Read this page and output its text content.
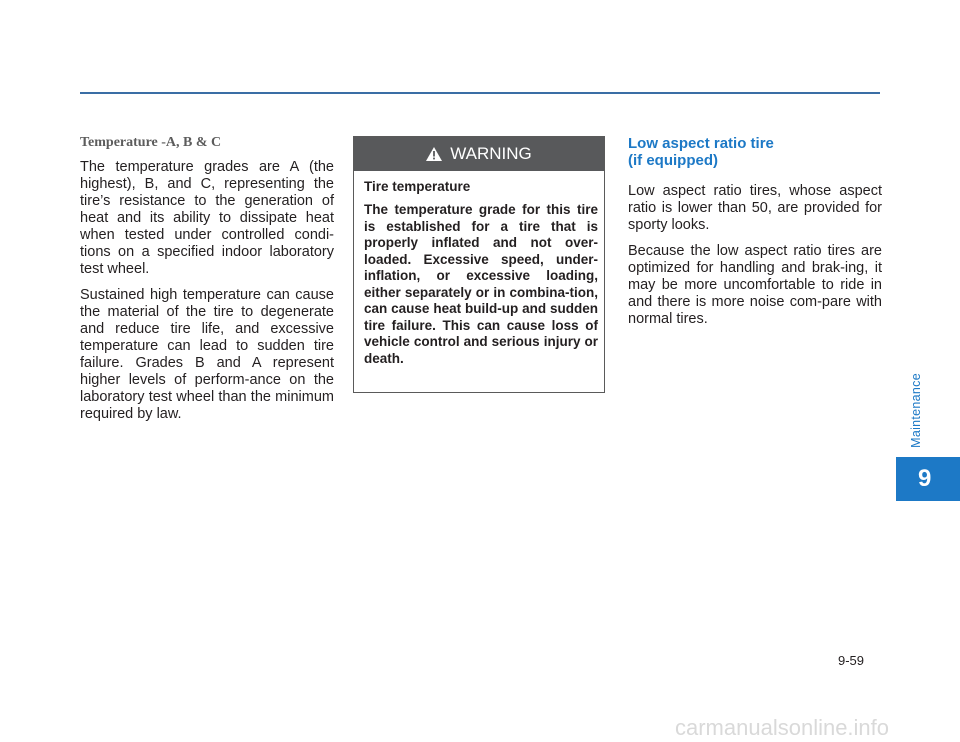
Temperature -A, B & C

The temperature grades are A (the highest), B, and C, representing the tire’s resistance to the generation of heat and its ability to dissipate heat when tested under controlled condi-tions on a specified indoor laboratory test wheel.

Sustained high temperature can cause the material of the tire to degenerate and reduce tire life, and excessive temperature can lead to sudden tire failure. Grades B and A represent higher levels of perform-ance on the laboratory test wheel than the minimum required by law.

WARNING

Tire temperature

The temperature grade for this tire is established for a tire that is properly inflated and not over-loaded. Excessive speed, under-inflation, or excessive loading, either separately or in combina-tion, can cause heat build-up and sudden tire failure. This can cause loss of vehicle control and serious injury or death.

Low aspect ratio tire
(if equipped)

Low aspect ratio tires, whose aspect ratio is lower than 50, are provided for sporty looks.

Because the low aspect ratio tires are optimized for handling and brak-ing, it may be more uncomfortable to ride in and there is more noise com-pare with normal tires.

Maintenance
9
9-59
carmanualsonline.info
